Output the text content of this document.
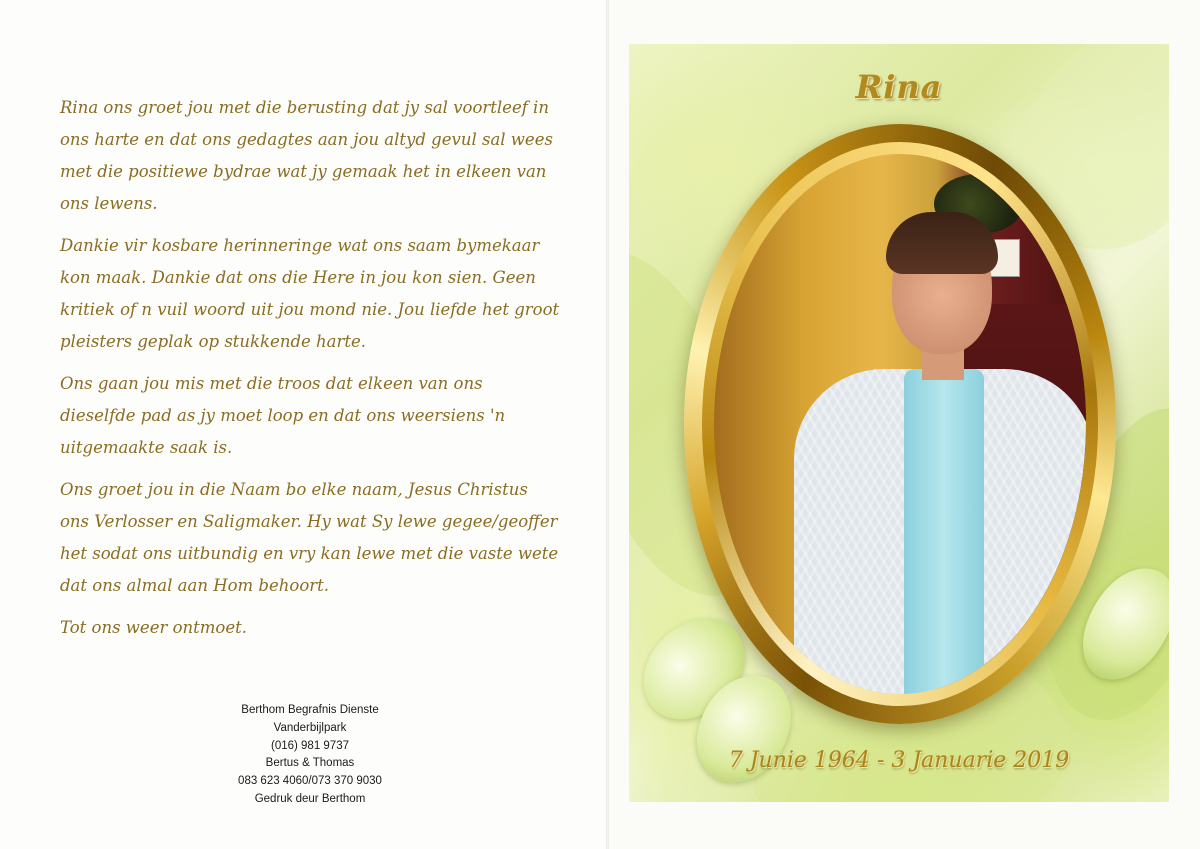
Rina ons groet jou met die berusting dat jy sal voortleef in ons harte en dat ons gedagtes aan jou altyd gevul sal wees met die positiewe bydrae wat jy gemaak het in elkeen van ons lewens.

Dankie vir kosbare herinneringe wat ons saam bymekaar kon maak. Dankie dat ons die Here in jou kon sien. Geen kritiek of n vuil woord uit jou mond nie. Jou liefde het groot pleisters geplak op stukkende harte.

Ons gaan jou mis met die troos dat elkeen van ons dieselfde pad as jy moet loop en dat ons weersiens 'n uitgemaakte saak is.

Ons groet jou in die Naam bo elke naam, Jesus Christus ons Verlosser en Saligmaker. Hy wat Sy lewe gegee/geoffer het sodat ons uitbundig en vry kan lewe met die vaste wete dat ons almal aan Hom behoort.

Tot ons weer ontmoet.

Berthom Begrafnis Dienste
Vanderbijlpark
(016) 981 9737
Bertus & Thomas
083 623 4060/073 370 9030
Gedruk deur Berthom
Rina
7 Junie 1964 - 3 Januarie 2019
